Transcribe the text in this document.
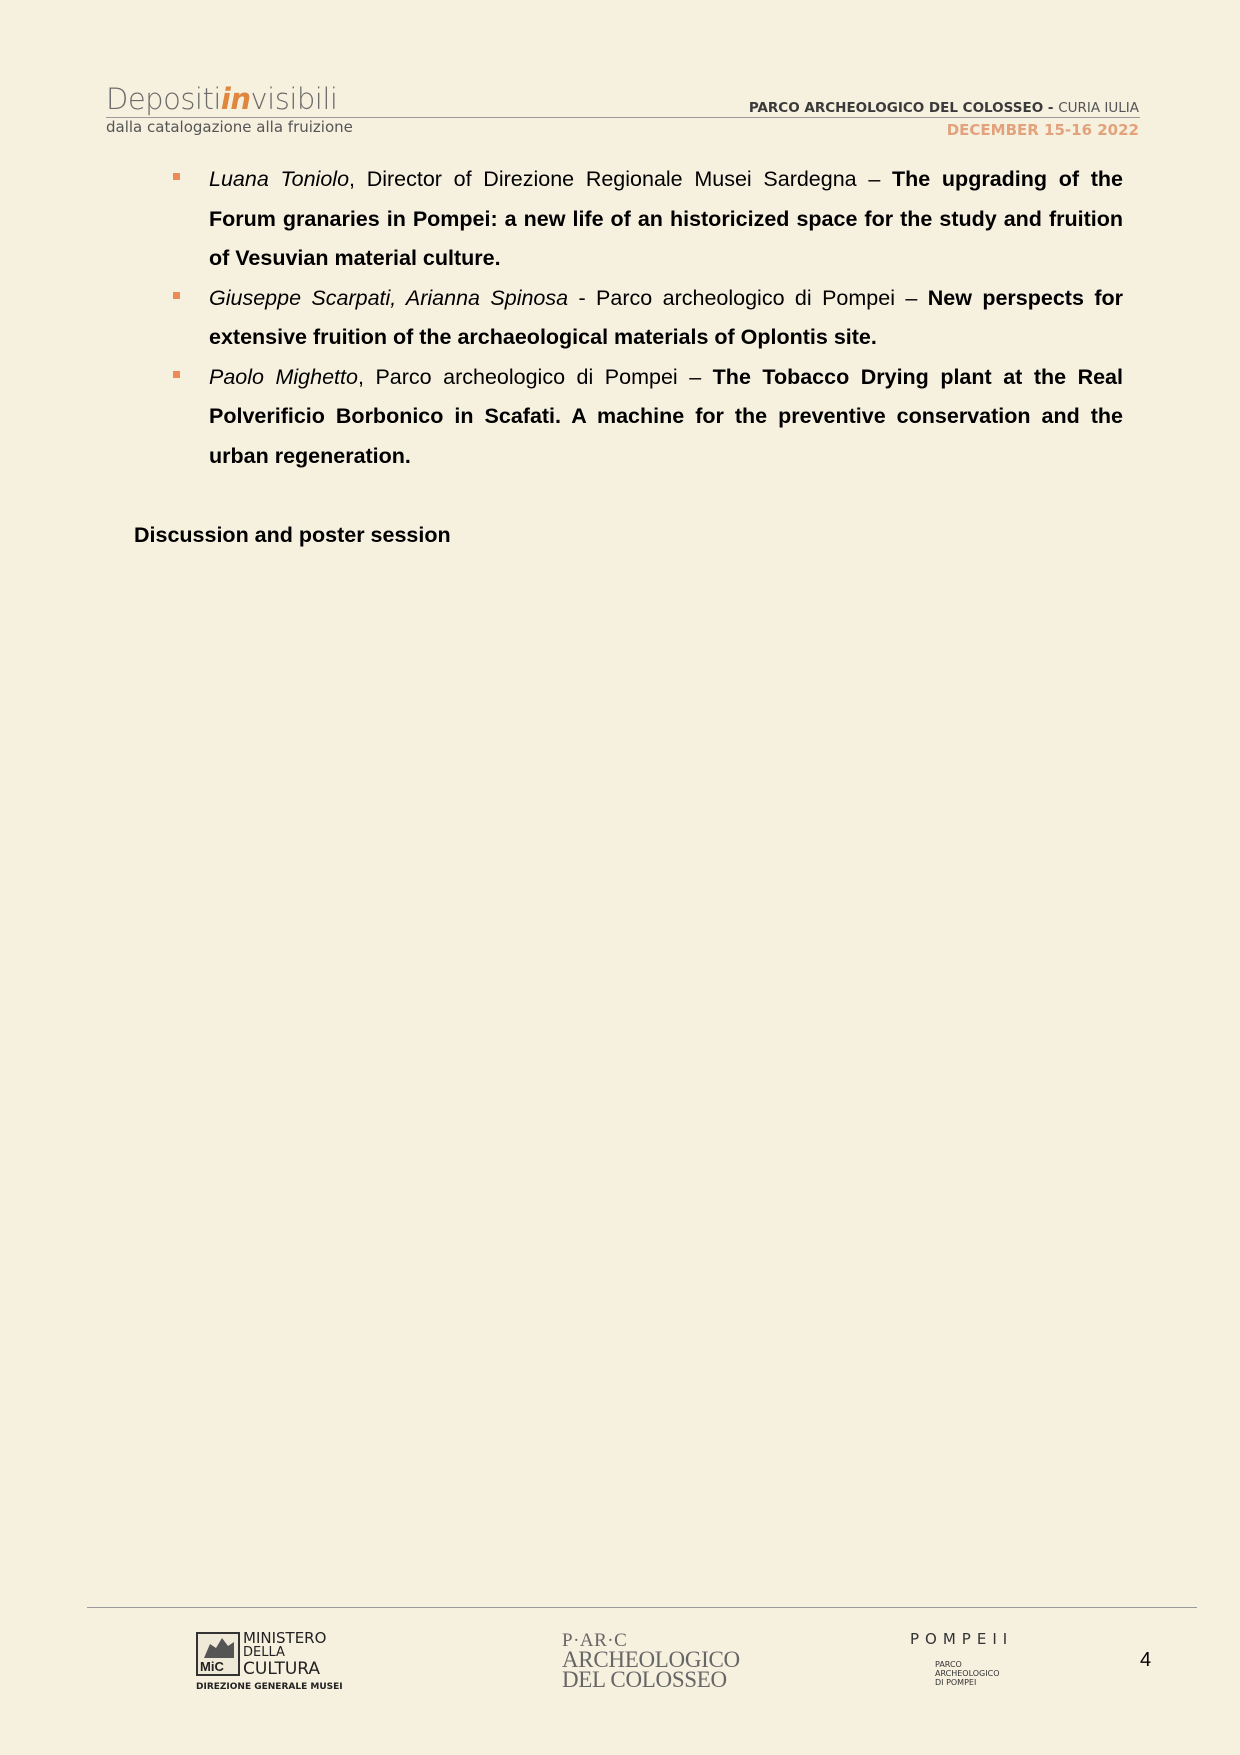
Depositiinvisibili
dalla catalogazione alla fruizione
PARCO ARCHEOLOGICO DEL COLOSSEO - CURIA IULIA
DECEMBER 15-16 2022
Luana Toniolo, Director of Direzione Regionale Musei Sardegna – The upgrading of the Forum granaries in Pompei: a new life of an historicized space for the study and fruition of Vesuvian material culture.
Giuseppe Scarpati, Arianna Spinosa - Parco archeologico di Pompei – New perspects for extensive fruition of the archaeological materials of Oplontis site.
Paolo Mighetto, Parco archeologico di Pompei – The Tobacco Drying plant at the Real Polverificio Borbonico in Scafati. A machine for the preventive conservation and the urban regeneration.
Discussion and poster session
MiC
MINISTERO
DELLA
CULTURA
DIREZIONE GENERALE MUSEI
P·AR·C
ARCHEOLOGICO
DEL COLOSSEO
POMPEII
PARCO
ARCHEOLOGICO
DI POMPEI
4
